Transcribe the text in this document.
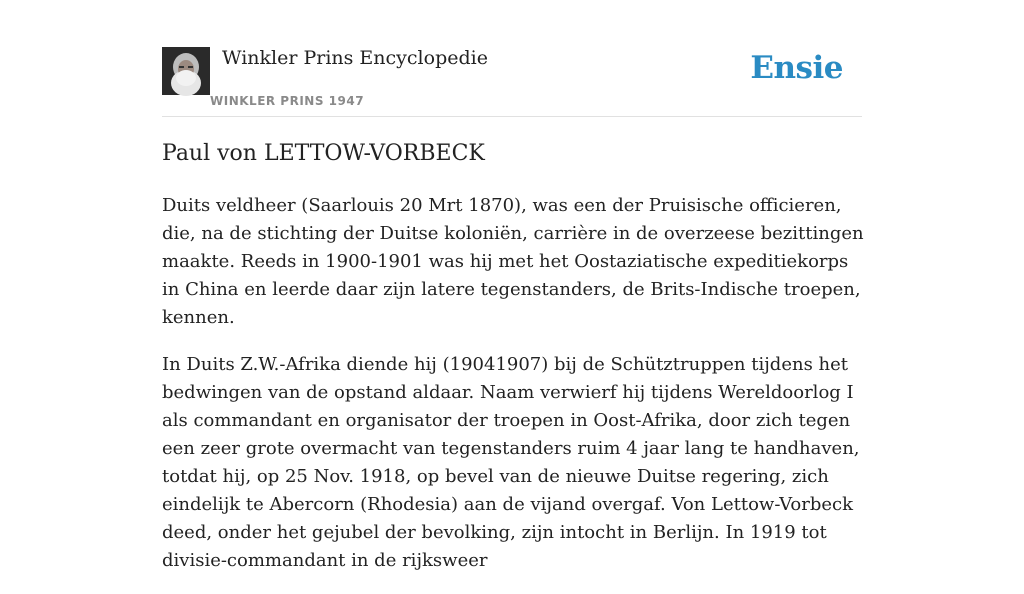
Winkler Prins Encyclopedie
WINKLER PRINS 1947
Ensie
Paul von LETTOW-VORBECK

Duits veldheer (Saarlouis 20 Mrt 1870), was een der Pruisische officieren, die, na de stichting der Duitse koloniën, carrière in de overzeese bezittingen maakte. Reeds in 1900-1901 was hij met het Oostaziatische expeditiekorps in China en leerde daar zijn latere tegenstanders, de Brits-Indische troepen, kennen.

In Duits Z.W.-Afrika diende hij (19041907) bij de Schütztruppen tijdens het bedwingen van de opstand aldaar. Naam verwierf hij tijdens Wereldoorlog I als commandant en organisator der troepen in Oost-Afrika, door zich tegen een zeer grote overmacht van tegenstanders ruim 4 jaar lang te handhaven, totdat hij, op 25 Nov. 1918, op bevel van de nieuwe Duitse regering, zich eindelijk te Abercorn (Rhodesia) aan de vijand overgaf. Von Lettow-Vorbeck deed, onder het gejubel der bevolking, zijn intocht in Berlijn. In 1919 tot divisie-commandant in de rijksweer
